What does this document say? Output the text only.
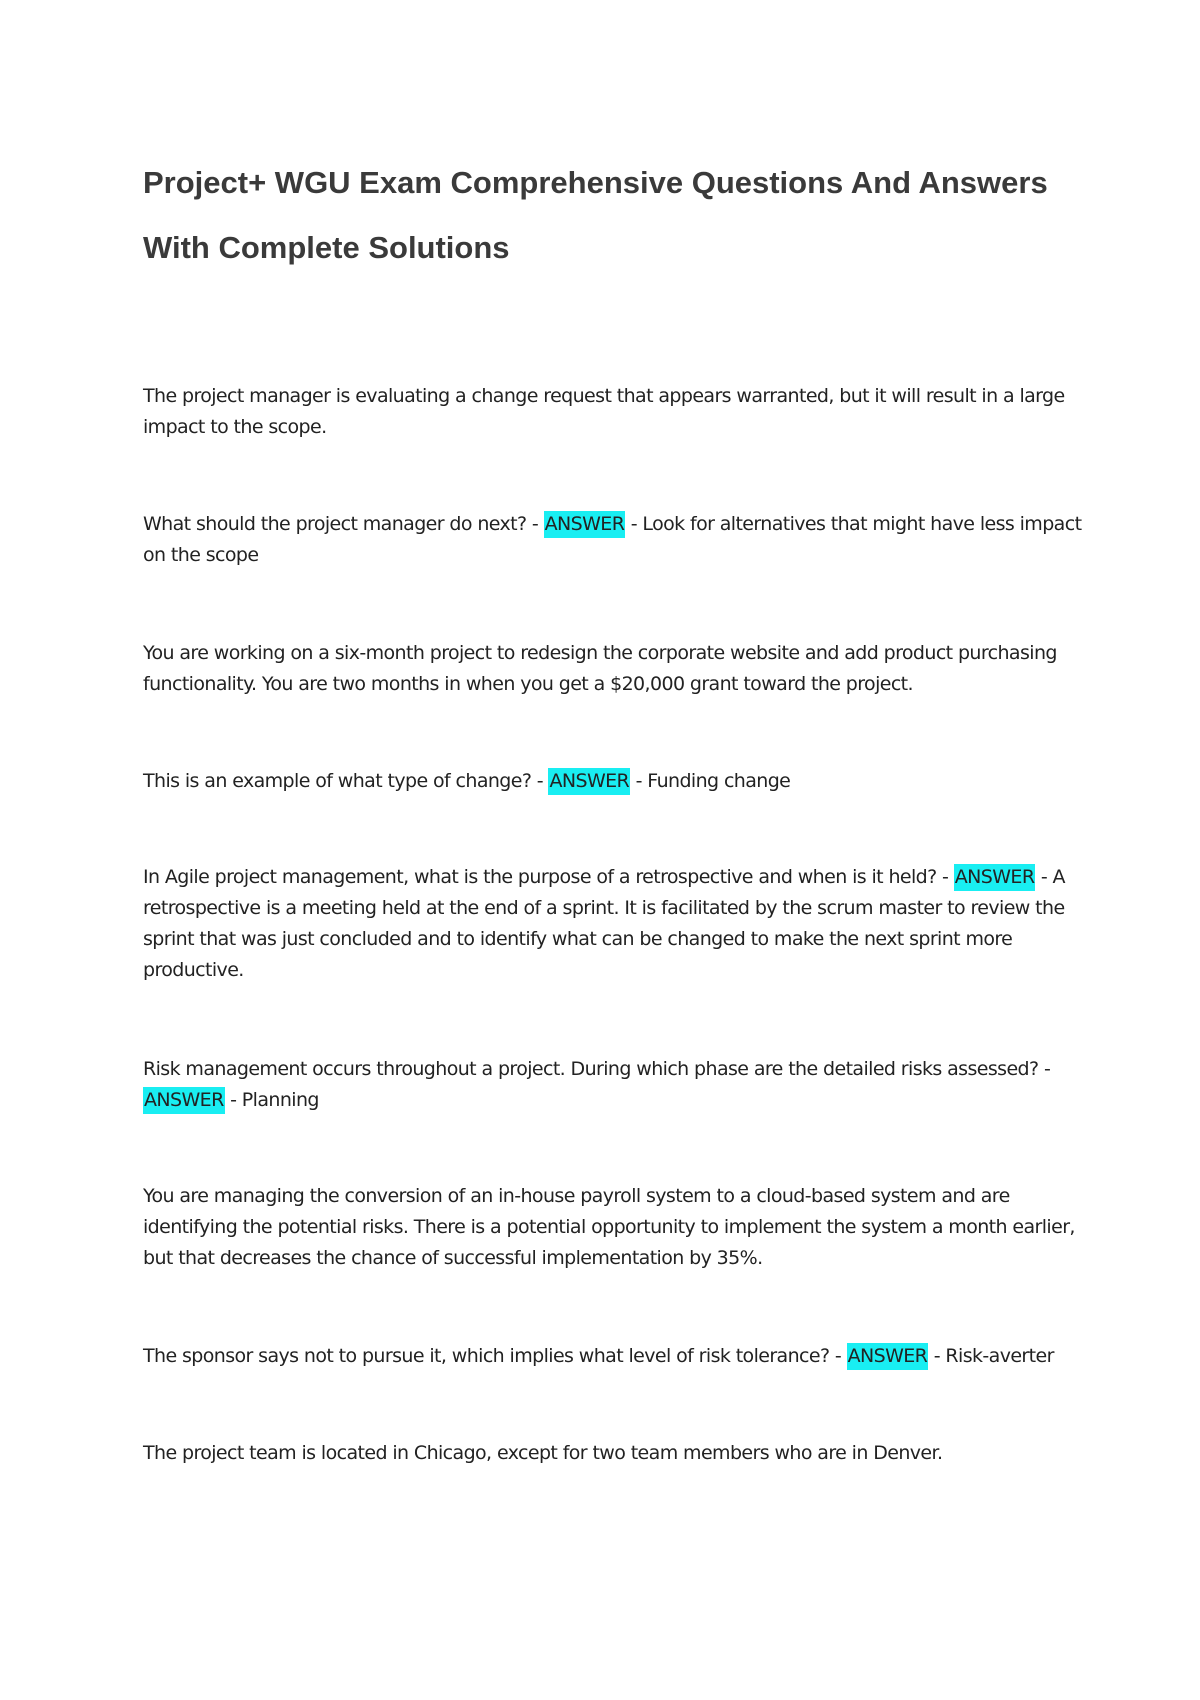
Project+ WGU Exam Comprehensive Questions And Answers With Complete Solutions

The project manager is evaluating a change request that appears warranted, but it will result in a large impact to the scope.

What should the project manager do next? - ANSWER - Look for alternatives that might have less impact on the scope

You are working on a six-month project to redesign the corporate website and add product purchasing functionality. You are two months in when you get a $20,000 grant toward the project.

This is an example of what type of change? - ANSWER - Funding change

In Agile project management, what is the purpose of a retrospective and when is it held? - ANSWER - A retrospective is a meeting held at the end of a sprint. It is facilitated by the scrum master to review the sprint that was just concluded and to identify what can be changed to make the next sprint more productive.

Risk management occurs throughout a project. During which phase are the detailed risks assessed? - ANSWER - Planning

You are managing the conversion of an in-house payroll system to a cloud-based system and are identifying the potential risks. There is a potential opportunity to implement the system a month earlier, but that decreases the chance of successful implementation by 35%.

The sponsor says not to pursue it, which implies what level of risk tolerance? - ANSWER - Risk-averter

The project team is located in Chicago, except for two team members who are in Denver.
